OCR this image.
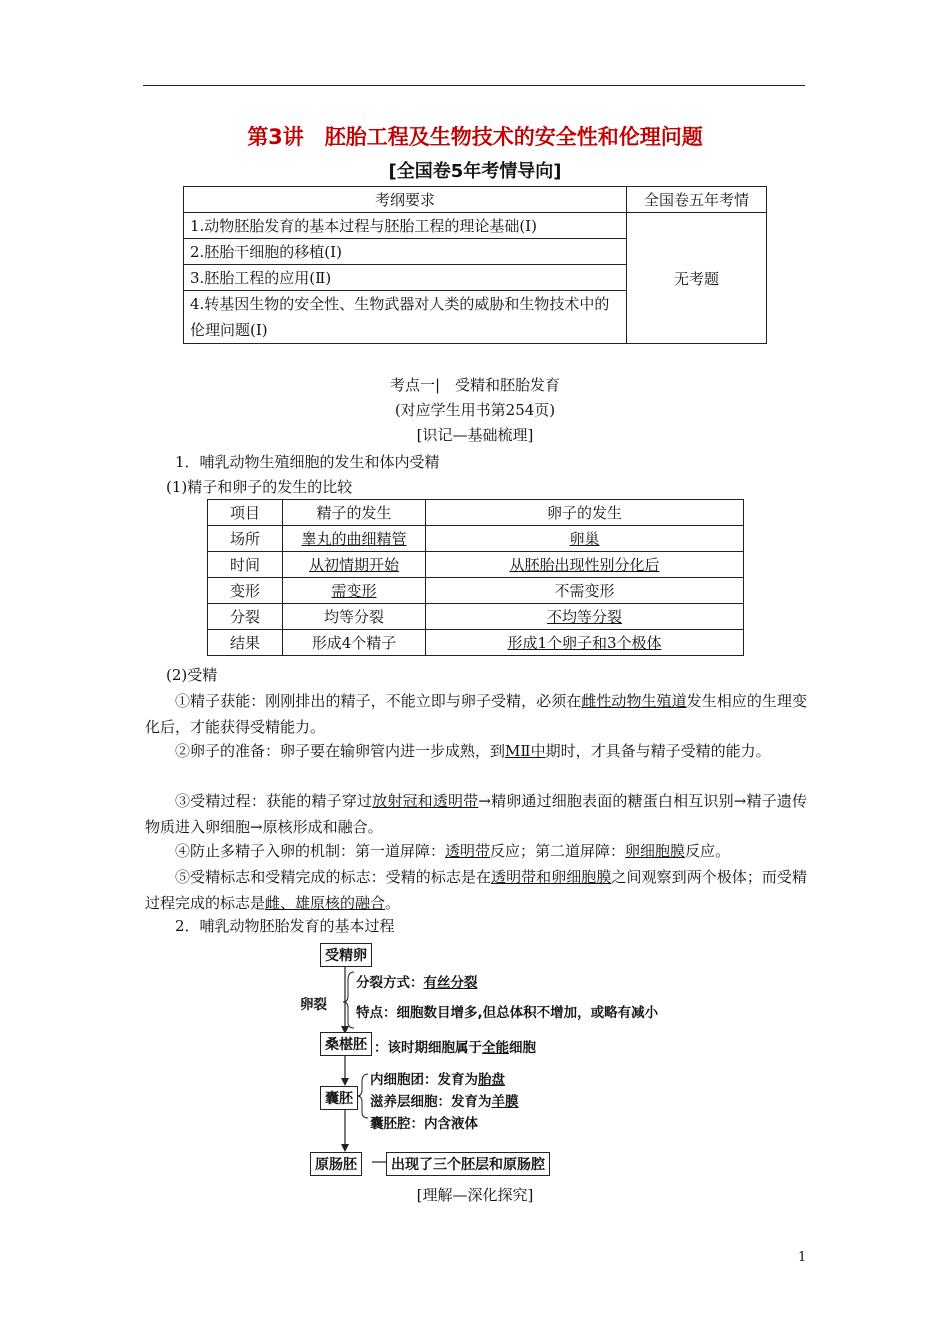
第3讲　胚胎工程及生物技术的安全性和伦理问题
[全国卷5年考情导向]
考纲要求	全国卷五年考情
1.动物胚胎发育的基本过程与胚胎工程的理论基础(Ⅰ)	无考题
2.胚胎干细胞的移植(Ⅰ)	
3.胚胎工程的应用(Ⅱ)	
4.转基因生物的安全性、生物武器对人类的威胁和生物技术中的伦理问题(Ⅰ)	
考点一|　受精和胚胎发育
(对应学生用书第254页)
[识记—基础梳理]
1．哺乳动物生殖细胞的发生和体内受精
(1)精子和卵子的发生的比较
项目	精子的发生	卵子的发生
场所	睾丸的曲细精管	卵巢
时间	从初情期开始	从胚胎出现性别分化后
变形	需变形	不需变形
分裂	均等分裂	不均等分裂
结果	形成4个精子	形成1个卵子和3个极体
(2)受精
①精子获能：刚刚排出的精子，不能立即与卵子受精，必须在雌性动物生殖道发生相应的生理变化后，才能获得受精能力。
②卵子的准备：卵子要在输卵管内进一步成熟，到MⅡ中期时，才具备与精子受精的能力。
③受精过程：获能的精子穿过放射冠和透明带→精卵通过细胞表面的糖蛋白相互识别→精子遗传物质进入卵细胞→原核形成和融合。
④防止多精子入卵的机制：第一道屏障：透明带反应；第二道屏障：卵细胞膜反应。
⑤受精标志和受精完成的标志：受精的标志是在透明带和卵细胞膜之间观察到两个极体；而受精过程完成的标志是雌、雄原核的融合。
2．哺乳动物胚胎发育的基本过程
受精卵
卵裂
分裂方式：有丝分裂
特点：细胞数目增多,但总体积不增加，或略有减小
桑椹胚 ：该时期细胞属于全能细胞
囊胚
内细胞团：发育为胎盘
滋养层细胞：发育为羊膜
囊胚腔：内含液体
原肠胚	出现了三个胚层和原肠腔
[理解—深化探究]
1
